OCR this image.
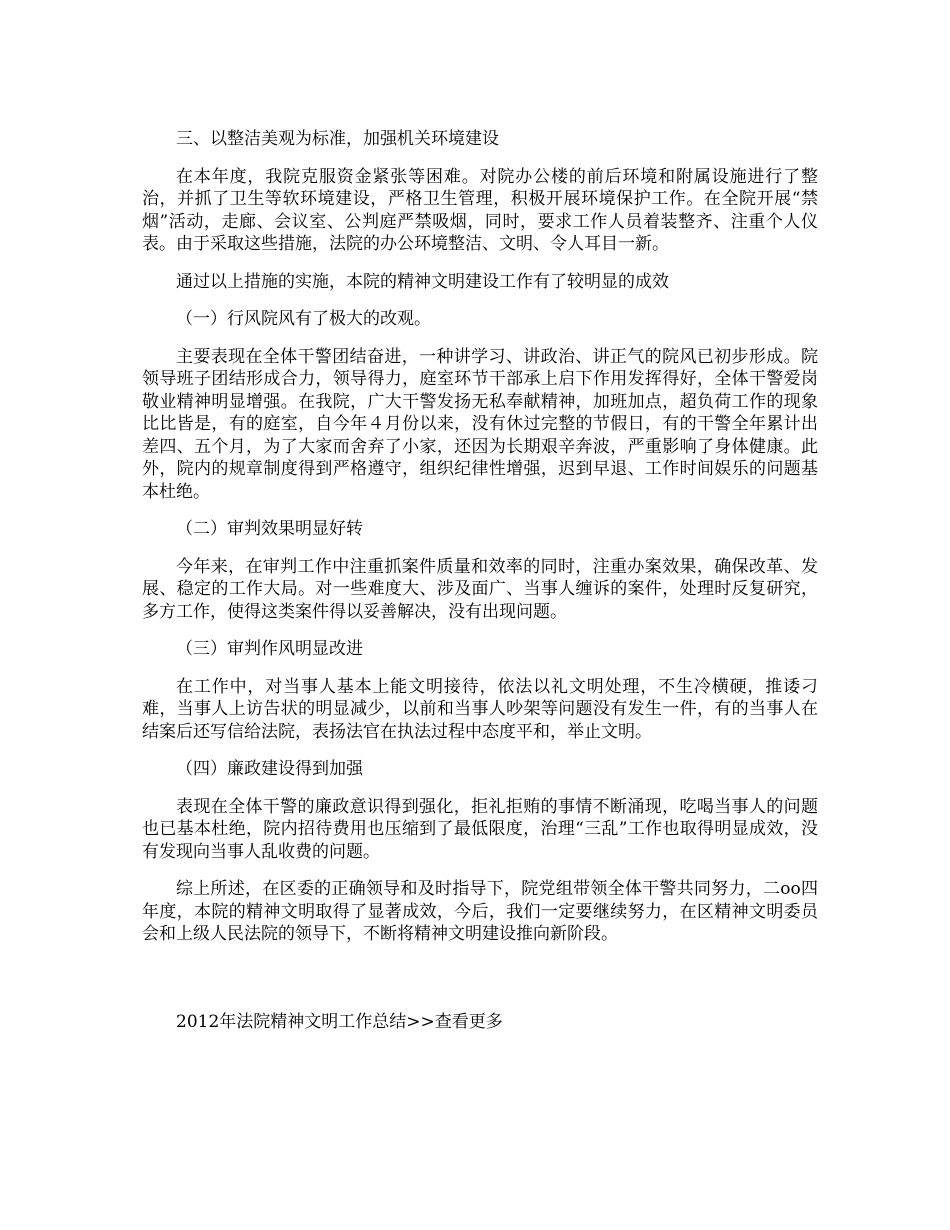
三、以整洁美观为标准，加强机关环境建设

在本年度，我院克服资金紧张等困难。对院办公楼的前后环境和附属设施进行了整治，并抓了卫生等软环境建设，严格卫生管理，积极开展环境保护工作。在全院开展“禁烟”活动，走廊、会议室、公判庭严禁吸烟，同时，要求工作人员着装整齐、注重个人仪表。由于采取这些措施，法院的办公环境整洁、文明、令人耳目一新。

通过以上措施的实施，本院的精神文明建设工作有了较明显的成效

（一）行风院风有了极大的改观。

主要表现在全体干警团结奋进，一种讲学习、讲政治、讲正气的院风已初步形成。院领导班子团结形成合力，领导得力，庭室环节干部承上启下作用发挥得好，全体干警爱岗敬业精神明显增强。在我院，广大干警发扬无私奉献精神，加班加点，超负荷工作的现象比比皆是，有的庭室，自今年４月份以来，没有休过完整的节假日，有的干警全年累计出差四、五个月，为了大家而舍弃了小家，还因为长期艰辛奔波，严重影响了身体健康。此外，院内的规章制度得到严格遵守，组织纪律性增强，迟到早退、工作时间娱乐的问题基本杜绝。

（二）审判效果明显好转

今年来，在审判工作中注重抓案件质量和效率的同时，注重办案效果，确保改革、发展、稳定的工作大局。对一些难度大、涉及面广、当事人缠诉的案件，处理时反复研究，多方工作，使得这类案件得以妥善解决，没有出现问题。

（三）审判作风明显改进

在工作中，对当事人基本上能文明接待，依法以礼文明处理，不生冷横硬，推诿刁难，当事人上访告状的明显减少，以前和当事人吵架等问题没有发生一件，有的当事人在结案后还写信给法院，表扬法官在执法过程中态度平和，举止文明。

（四）廉政建设得到加强

表现在全体干警的廉政意识得到强化，拒礼拒贿的事情不断涌现，吃喝当事人的问题也已基本杜绝，院内招待费用也压缩到了最低限度，治理“三乱”工作也取得明显成效，没有发现向当事人乱收费的问题。

综上所述，在区委的正确领导和及时指导下，院党组带领全体干警共同努力，二oo四年度，本院的精神文明取得了显著成效，今后，我们一定要继续努力，在区精神文明委员会和上级人民法院的领导下，不断将精神文明建设推向新阶段。

2012年法院精神文明工作总结>>查看更多
